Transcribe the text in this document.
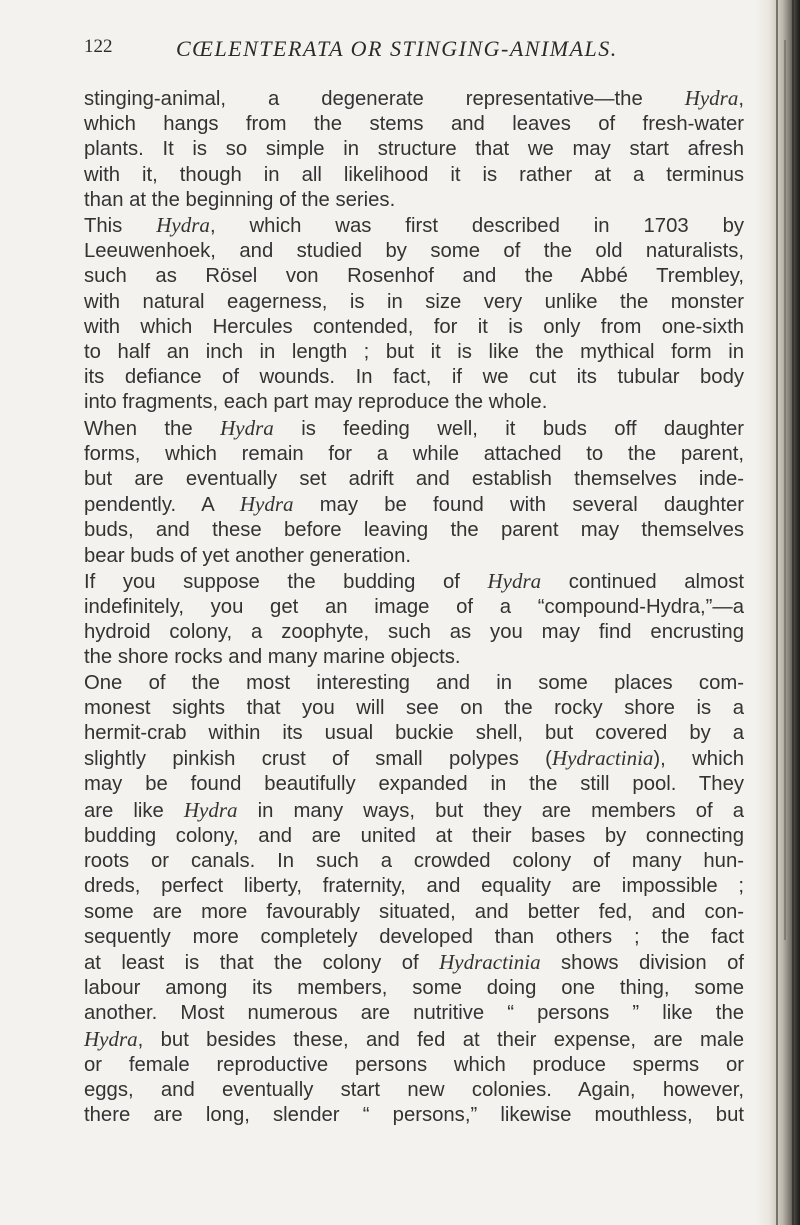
122	CŒLENTERATA OR STINGING-ANIMALS.
stinging-animal, a degenerate representative—the Hydra,
which hangs from the stems and leaves of fresh-water
plants. It is so simple in structure that we may start afresh
with it, though in all likelihood it is rather at a terminus
than at the beginning of the series.
This Hydra, which was first described in 1703 by
Leeuwenhoek, and studied by some of the old naturalists,
such as Rösel von Rosenhof and the Abbé Trembley,
with natural eagerness, is in size very unlike the monster
with which Hercules contended, for it is only from one-sixth
to half an inch in length ; but it is like the mythical form in
its defiance of wounds. In fact, if we cut its tubular body
into fragments, each part may reproduce the whole.
When the Hydra is feeding well, it buds off daughter
forms, which remain for a while attached to the parent,
but are eventually set adrift and establish themselves inde-
pendently. A Hydra may be found with several daughter
buds, and these before leaving the parent may themselves
bear buds of yet another generation.
If you suppose the budding of Hydra continued almost
indefinitely, you get an image of a “compound-Hydra,”—a
hydroid colony, a zoophyte, such as you may find encrusting
the shore rocks and many marine objects.
One of the most interesting and in some places com-
monest sights that you will see on the rocky shore is a
hermit-crab within its usual buckie shell, but covered by a
slightly pinkish crust of small polypes (Hydractinia), which
may be found beautifully expanded in the still pool. They
are like Hydra in many ways, but they are members of a
budding colony, and are united at their bases by connecting
roots or canals. In such a crowded colony of many hun-
dreds, perfect liberty, fraternity, and equality are impossible ;
some are more favourably situated, and better fed, and con-
sequently more completely developed than others ; the fact
at least is that the colony of Hydractinia shows division of
labour among its members, some doing one thing, some
another. Most numerous are nutritive “ persons ” like the
Hydra, but besides these, and fed at their expense, are male
or female reproductive persons which produce sperms or
eggs, and eventually start new colonies. Again, however,
there are long, slender “ persons,” likewise mouthless, but
